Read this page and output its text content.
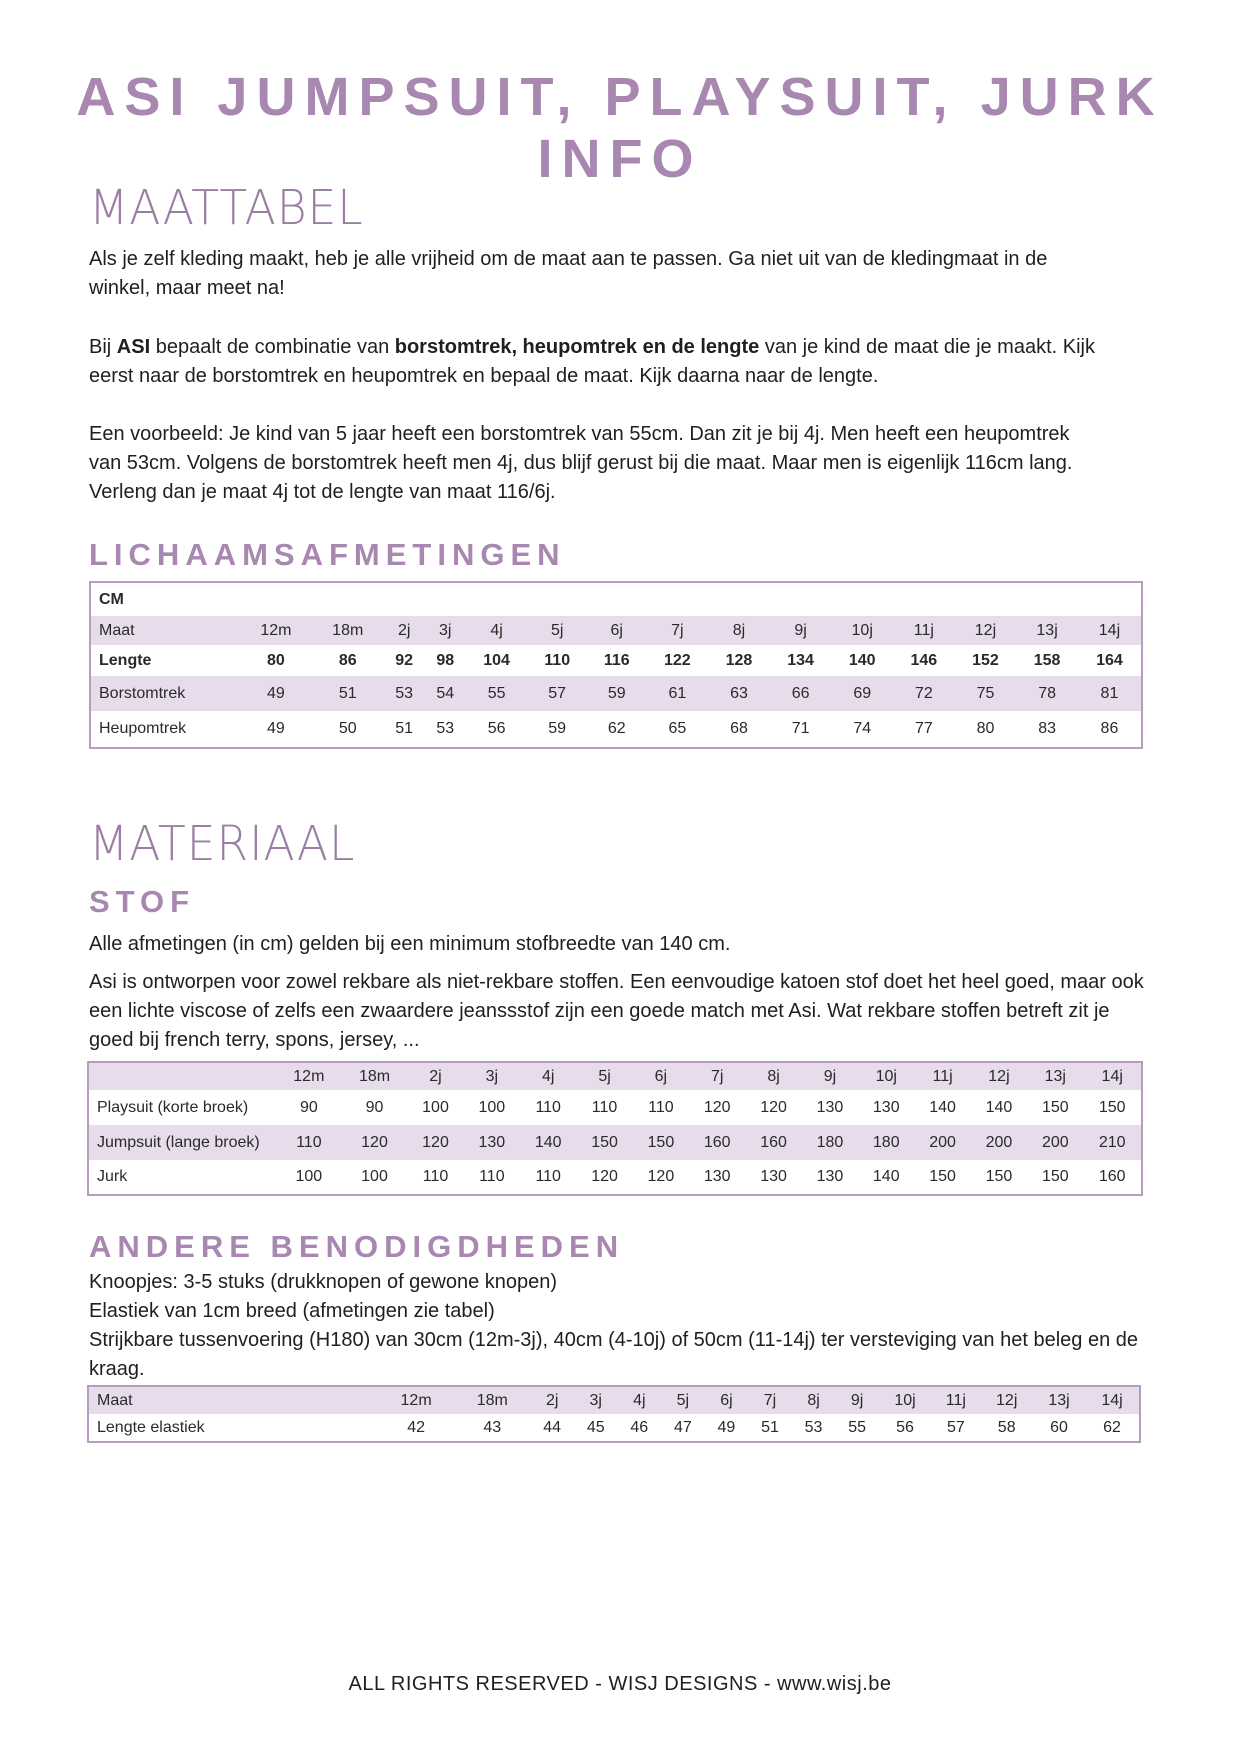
ASI JUMPSUIT, PLAYSUIT, JURK INFO
MAATTABEL

Als je zelf kleding maakt, heb je alle vrijheid om de maat aan te passen. Ga niet uit van de kledingmaat in de winkel, maar meet na!

Bij ASI bepaalt de combinatie van borstomtrek, heupomtrek en de lengte van je kind de maat die je maakt. Kijk eerst naar de borstomtrek en heupomtrek en bepaal de maat. Kijk daarna naar de lengte.

Een voorbeeld: Je kind van 5 jaar heeft een borstomtrek van 55cm. Dan zit je bij 4j. Men heeft een heupomtrek van 53cm. Volgens de borstomtrek heeft men 4j, dus blijf gerust bij die maat. Maar men is eigenlijk 116cm lang. Verleng dan je maat 4j tot de lengte van maat 116/6j.

LICHAAMSAFMETINGEN
CM															
Maat	12m	18m	2j	3j	4j	5j	6j	7j	8j	9j	10j	11j	12j	13j	14j
Lengte	80	86	92	98	104	110	116	122	128	134	140	146	152	158	164
Borstomtrek	49	51	53	54	55	57	59	61	63	66	69	72	75	78	81
Heupomtrek	49	50	51	53	56	59	62	65	68	71	74	77	80	83	86
MATERIAAL
STOF

Alle afmetingen (in cm) gelden bij een minimum stofbreedte van 140 cm.

Asi is ontworpen voor zowel rekbare als niet-rekbare stoffen. Een eenvoudige katoen stof doet het heel goed, maar ook een lichte viscose of zelfs een zwaardere jeanssstof zijn een goede match met Asi. Wat rekbare stoffen betreft zit je goed bij french terry, spons, jersey, ...

	12m	18m	2j	3j	4j	5j	6j	7j	8j	9j	10j	11j	12j	13j	14j
Playsuit (korte broek)	90	90	100	100	110	110	110	120	120	130	130	140	140	150	150
Jumpsuit (lange broek)	110	120	120	130	140	150	150	160	160	180	180	200	200	200	210
Jurk	100	100	110	110	110	120	120	130	130	130	140	150	150	150	160
ANDERE BENODIGDHEDEN

Knoopjes: 3-5 stuks (drukknopen of gewone knopen)

Elastiek van 1cm breed (afmetingen zie tabel)

Strijkbare tussenvoering (H180) van 30cm (12m-3j), 40cm (4-10j) of 50cm (11-14j) ter versteviging van het beleg en de kraag.

Maat	12m	18m	2j	3j	4j	5j	6j	7j	8j	9j	10j	11j	12j	13j	14j
Lengte elastiek	42	43	44	45	46	47	49	51	53	55	56	57	58	60	62
ALL RIGHTS RESERVED - WISJ DESIGNS - www.wisj.be
